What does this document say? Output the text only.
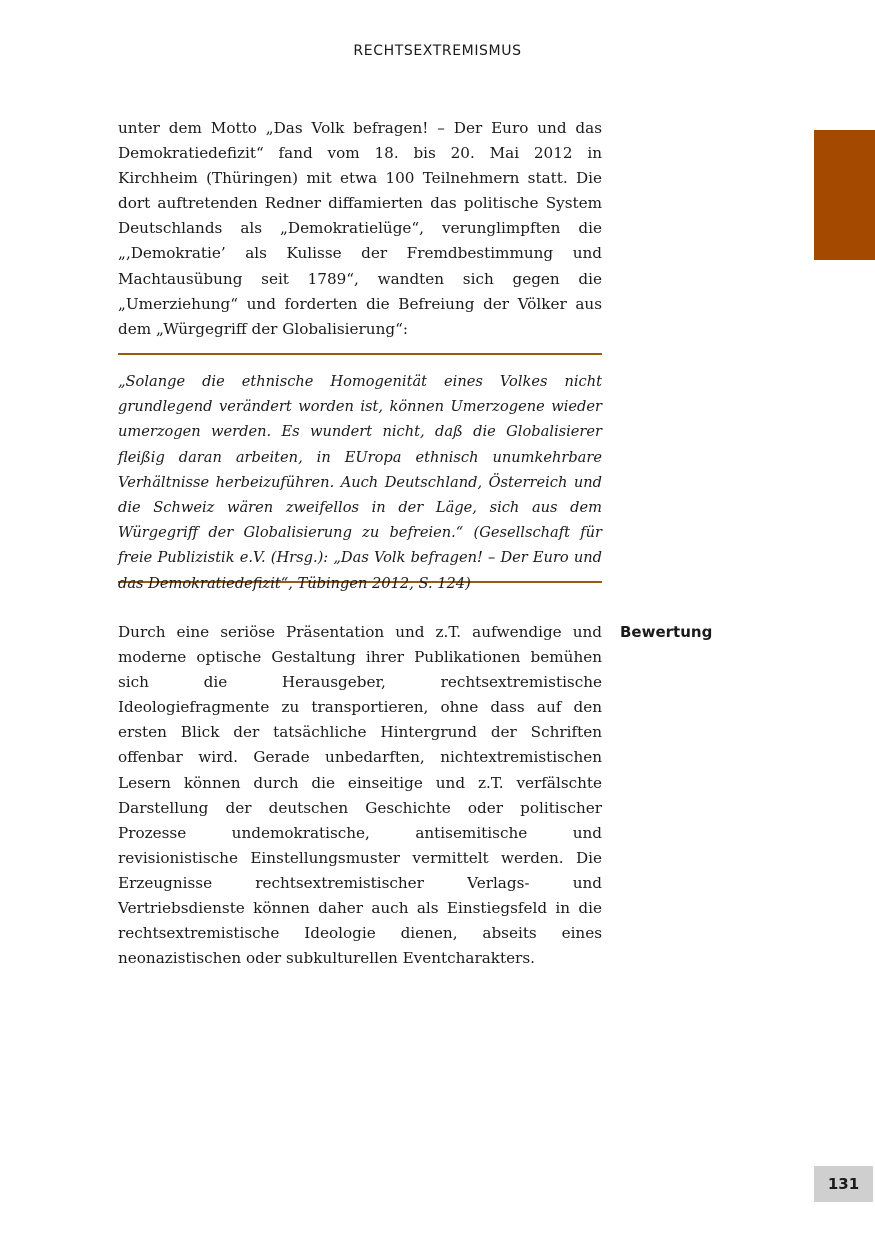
RECHTSEXTREMISMUS

unter dem Motto „Das Volk befragen! – Der Euro und das Demokratiedefizit“ fand vom 18. bis 20. Mai 2012 in Kirchheim (Thüringen) mit etwa 100 Teilnehmern statt. Die dort auftretenden Redner diffamierten das politische System Deutschlands als „Demokratielüge“, verunglimpften die „‚Demokratie’ als Kulisse der Fremdbestimmung und Machtausübung seit 1789“, wandten sich gegen die „Umerziehung“ und forderten die Befreiung der Völker aus dem „Würgegriff der Globalisierung“:

„Solange die ethnische Homogenität eines Volkes nicht grundlegend verändert worden ist, können Umerzogene wieder umerzogen werden. Es wundert nicht, daß die Globalisierer fleißig daran arbeiten, in EUropa ethnisch unumkehrbare Verhältnisse herbeizuführen. Auch Deutschland, Österreich und die Schweiz wären zweifellos in der Läge, sich aus dem Würgegriff der Globalisierung zu befreien.“ (Gesellschaft für freie Publizistik e.V. (Hrsg.): „Das Volk befragen! – Der Euro und das Demokratiedefizit“, Tübingen 2012, S. 124)

Bewertung

Durch eine seriöse Präsentation und z.T. aufwendige und moderne optische Gestaltung ihrer Publikationen bemühen sich die Herausgeber, rechtsextremistische Ideologiefragmente zu transportieren, ohne dass auf den ersten Blick der tatsächliche Hintergrund der Schriften offenbar wird. Gerade unbedarften, nichtextremistischen Lesern können durch die einseitige und z.T. verfälschte Darstellung der deutschen Geschichte oder politischer Prozesse undemokratische, antisemitische und revisionistische Einstellungsmuster vermittelt werden. Die Erzeugnisse rechtsextremistischer Verlags- und Vertriebsdienste können daher auch als Einstiegsfeld in die rechtsextremistische Ideologie dienen, abseits eines neonazistischen oder subkulturellen Eventcharakters.

131
